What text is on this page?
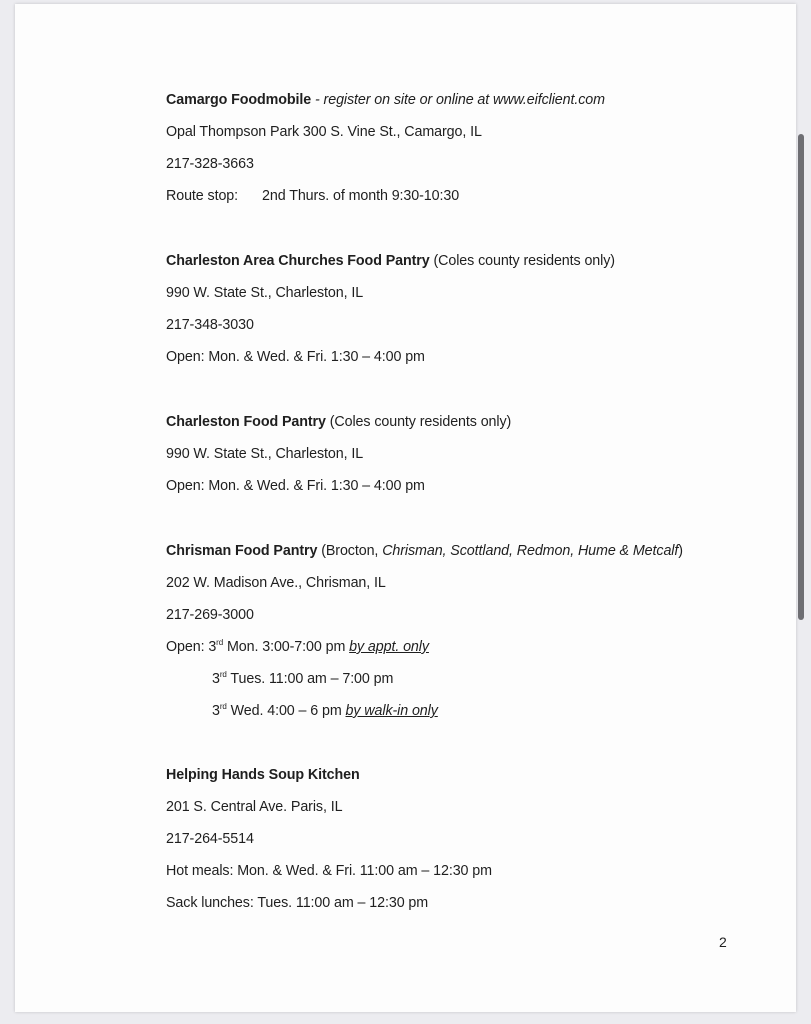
Camargo Foodmobile - register on site or online at www.eifclient.com
Opal Thompson Park 300 S. Vine St., Camargo, IL
217-328-3663
Route stop: 2nd Thurs. of month 9:30-10:30
Charleston Area Churches Food Pantry (Coles county residents only)
990 W. State St., Charleston, IL
217-348-3030
Open: Mon. & Wed. & Fri. 1:30 – 4:00 pm
Charleston Food Pantry (Coles county residents only)
990 W. State St., Charleston, IL
Open: Mon. & Wed. & Fri. 1:30 – 4:00 pm
Chrisman Food Pantry (Brocton, Chrisman, Scottland, Redmon, Hume & Metcalf)
202 W. Madison Ave., Chrisman, IL
217-269-3000
Open: 3rd Mon. 3:00-7:00 pm by appt. only
3rd Tues. 11:00 am – 7:00 pm
3rd Wed. 4:00 – 6 pm by walk-in only
Helping Hands Soup Kitchen
201 S. Central Ave. Paris, IL
217-264-5514
Hot meals: Mon. & Wed. & Fri. 11:00 am – 12:30 pm
Sack lunches: Tues. 11:00 am – 12:30 pm
2
